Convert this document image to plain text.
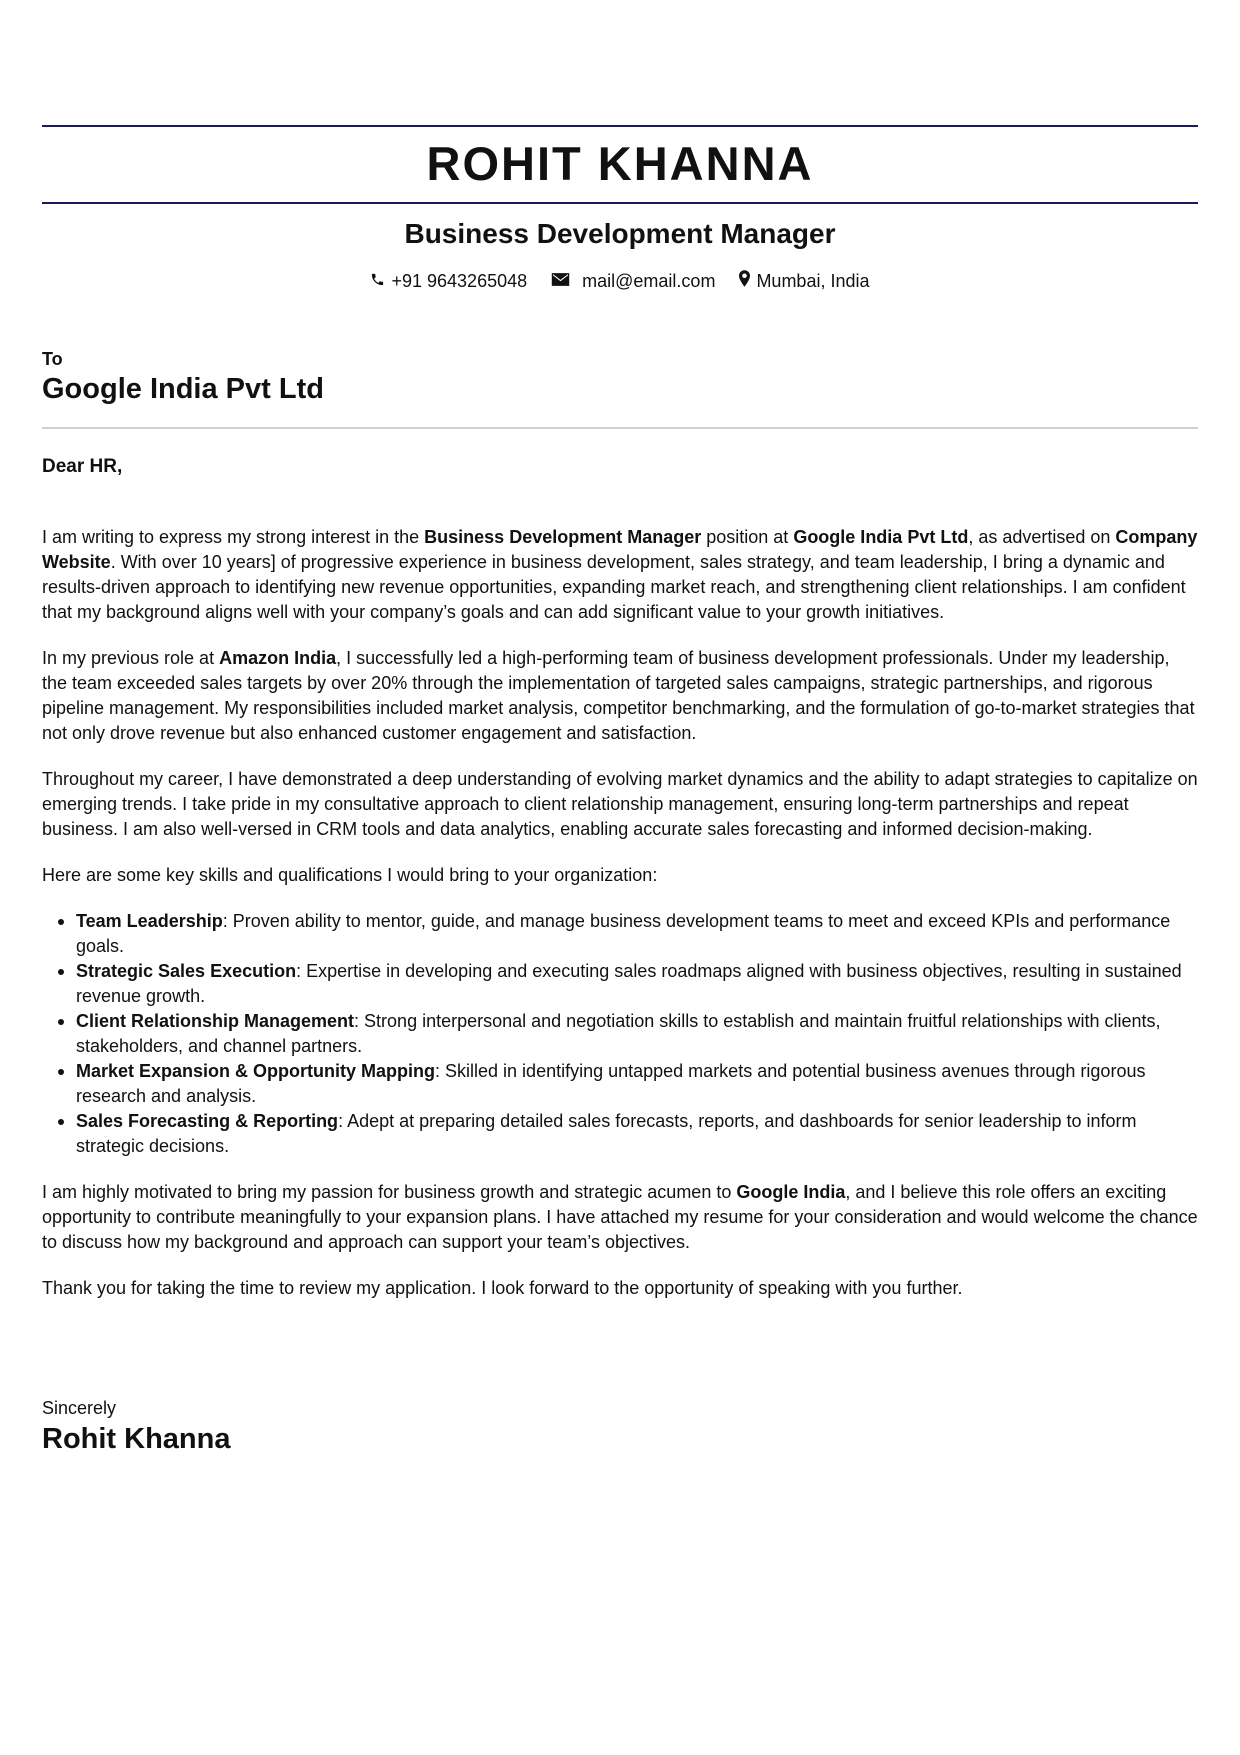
ROHIT KHANNA
Business Development Manager
+91 9643265048	mail@email.com Mumbai, India
To
Google India Pvt Ltd
Dear HR,

I am writing to express my strong interest in the Business Development Manager position at Google India Pvt Ltd, as advertised on Company Website. With over 10 years] of progressive experience in business development, sales strategy, and team leadership, I bring a dynamic and results-driven approach to identifying new revenue opportunities, expanding market reach, and strengthening client relationships. I am confident that my background aligns well with your company’s goals and can add significant value to your growth initiatives.

In my previous role at Amazon India, I successfully led a high-performing team of business development professionals. Under my leadership, the team exceeded sales targets by over 20% through the implementation of targeted sales campaigns, strategic partnerships, and rigorous pipeline management. My responsibilities included market analysis, competitor benchmarking, and the formulation of go-to-market strategies that not only drove revenue but also enhanced customer engagement and satisfaction.

Throughout my career, I have demonstrated a deep understanding of evolving market dynamics and the ability to adapt strategies to capitalize on emerging trends. I take pride in my consultative approach to client relationship management, ensuring long-term partnerships and repeat business. I am also well-versed in CRM tools and data analytics, enabling accurate sales forecasting and informed decision-making.

Here are some key skills and qualifications I would bring to your organization:

• Team Leadership: Proven ability to mentor, guide, and manage business development teams to meet and exceed KPIs and performance goals.
• Strategic Sales Execution: Expertise in developing and executing sales roadmaps aligned with business objectives, resulting in sustained revenue growth.
• Client Relationship Management: Strong interpersonal and negotiation skills to establish and maintain fruitful relationships with clients, stakeholders, and channel partners.
• Market Expansion & Opportunity Mapping: Skilled in identifying untapped markets and potential business avenues through rigorous research and analysis.
• Sales Forecasting & Reporting: Adept at preparing detailed sales forecasts, reports, and dashboards for senior leadership to inform strategic decisions.

I am highly motivated to bring my passion for business growth and strategic acumen to Google India, and I believe this role offers an exciting opportunity to contribute meaningfully to your expansion plans. I have attached my resume for your consideration and would welcome the chance to discuss how my background and approach can support your team’s objectives.

Thank you for taking the time to review my application. I look forward to the opportunity of speaking with you further.

Sincerely
Rohit Khanna
